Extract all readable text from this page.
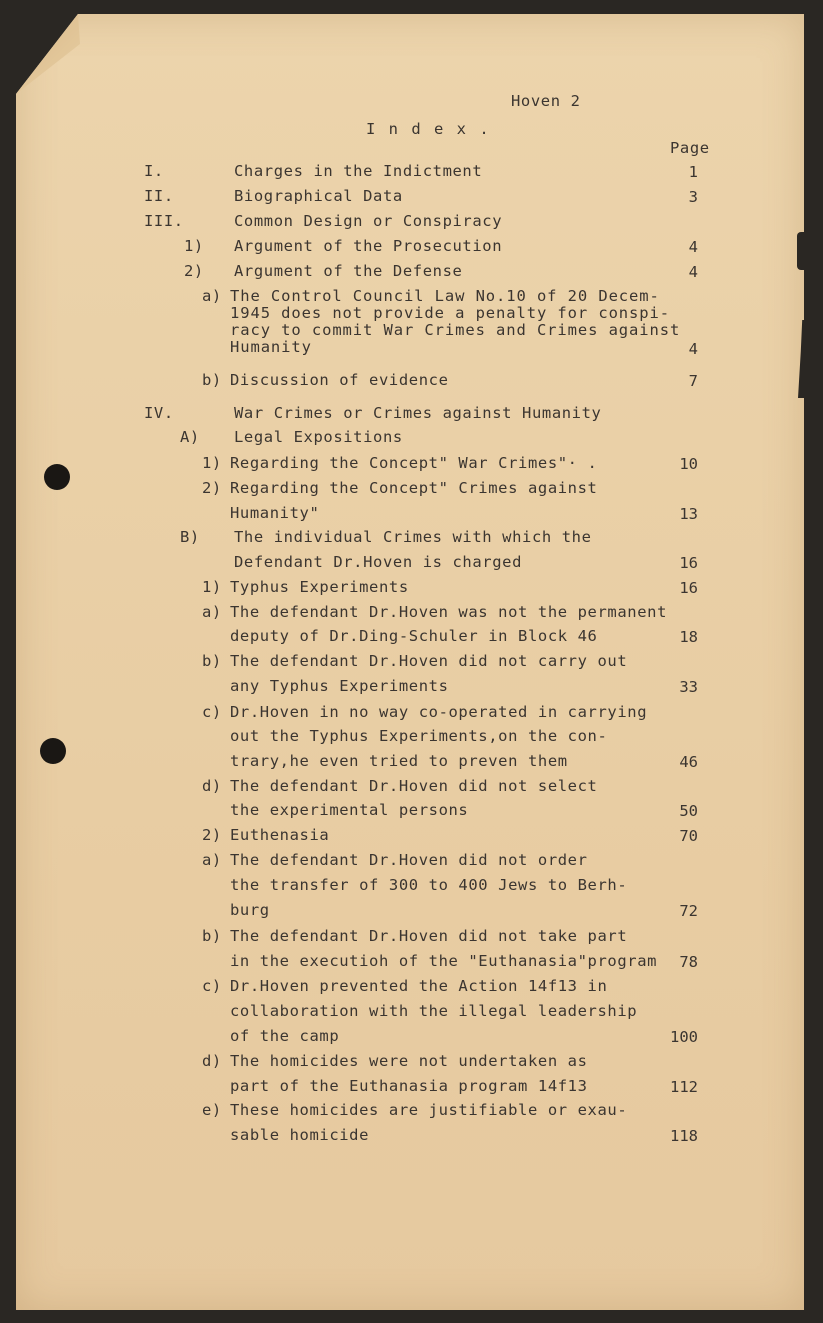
Hoven 2
I n d e x .
Page
I.	Charges in the Indictment	1
II.	Biographical Data	3
III.	Common Design or Conspiracy
1) Argument of the Prosecution	4
2) Argument of the Defense	4
a) The Control Council Law No.10 of 20 Decem-
1945 does not provide a penalty for conspi-
racy to commit War Crimes and Crimes against
Humanity	4
b) Discussion of evidence	7
IV.	War Crimes or Crimes against Humanity
A) Legal Expositions
1) Regarding the Concept" War Crimes"· .	10
2) Regarding the Concept" Crimes against
Humanity"	13
B) The individual Crimes with which the
Defendant Dr.Hoven is charged	16
1) Typhus Experiments	16
a) The defendant Dr.Hoven was not the permanent
deputy of Dr.Ding-Schuler in Block 46	18
b) The defendant Dr.Hoven did not carry out
any Typhus Experiments	33
c) Dr.Hoven in no way co-operated in carrying
out the Typhus Experiments,on the con-
trary,he even tried to preven them	46
d) The defendant Dr.Hoven did not select
the experimental persons	50
2) Euthenasia	70
a) The defendant Dr.Hoven did not order
the transfer of 300 to 400 Jews to Berh-
burg	72
b) The defendant Dr.Hoven did not take part
in the executioh of the "Euthanasia"program	78
c) Dr.Hoven prevented the Action 14f13 in
collaboration with the illegal leadership
of the camp	100
d) The homicides were not undertaken as
part of the Euthanasia program 14f13	112
e) These homicides are justifiable or exau-
sable homicide	118
